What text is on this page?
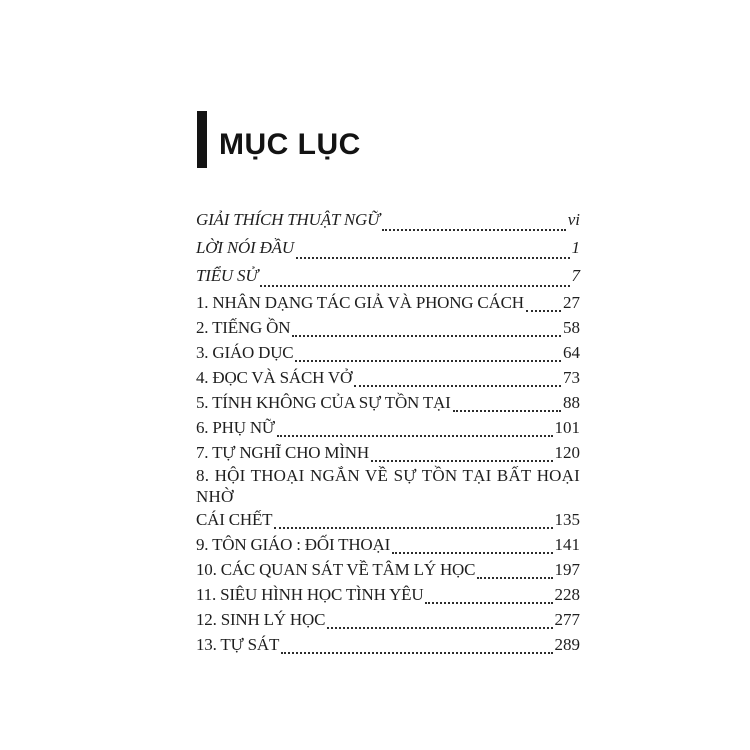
MỤC LỤC
GIẢI THÍCH THUẬT NGỮ	vi
LỜI NÓI ĐẦU	1
TIỂU SỬ	7
1. NHÂN DẠNG TÁC GIẢ VÀ PHONG CÁCH 27
2. TIẾNG ỒN	58
3. GIÁO DỤC	64
4. ĐỌC VÀ SÁCH VỞ	73
5. TÍNH KHÔNG CỦA SỰ TỒN TẠI	88
6. PHỤ NỮ	101
7. TỰ NGHĨ CHO MÌNH	120
8. HỘI THOẠI NGẮN VỀ SỰ TỒN TẠI BẤT HOẠI NHỜ
CÁI CHẾT	135
9. TÔN GIÁO : ĐỐI THOẠI	141
10. CÁC QUAN SÁT VỀ TÂM LÝ HỌC	197
11. SIÊU HÌNH HỌC TÌNH YÊU	228
12. SINH LÝ HỌC	277
13. TỰ SÁT	289
